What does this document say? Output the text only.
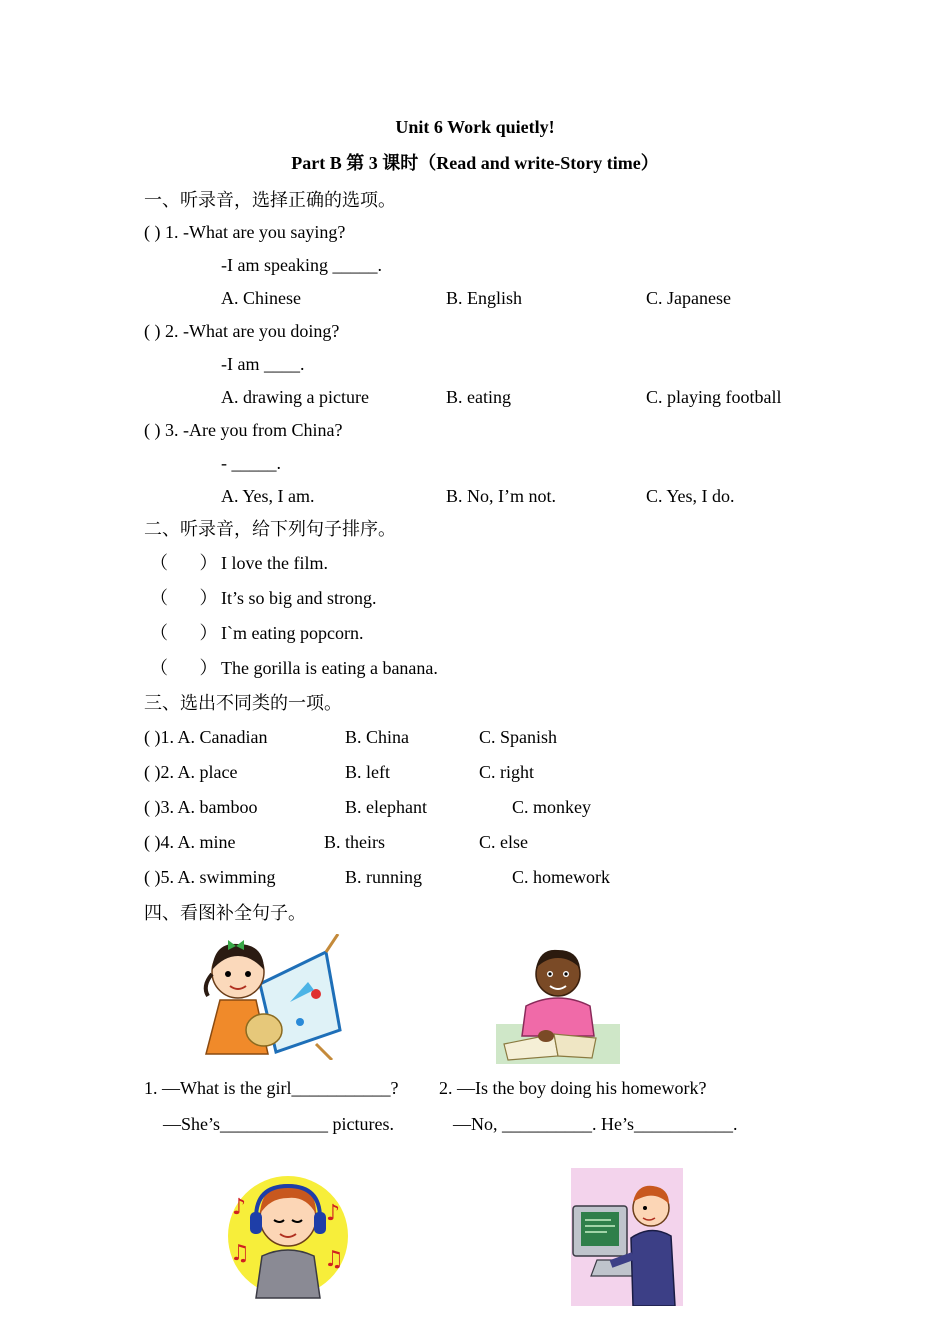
Unit 6 Work quietly!
Part B 第 3 课时（Read and write-Story time）
一、听录音，选择正确的选项。
( ) 1. -What are you saying?
-I am speaking _____.
A. Chinese	B. English	C. Japanese
( ) 2. -What are you doing?
-I am ____.
A. drawing a picture	B. eating	C. playing football
( ) 3. -Are you from China?
- _____.
A. Yes, I am.	B. No, I’m not.	C. Yes, I do.
二、听录音，给下列句子排序。
（       ） I love the film.
（       ） It’s so big and strong.
（       ） I`m eating popcorn.
（       ） The gorilla is eating a banana.
三、选出不同类的一项。
( )1. A. Canadian	B. China	C. Spanish
( )2. A. place	B. left	C. right
( )3. A. bamboo	B. elephant	C. monkey
( )4. A. mine	B. theirs	C. else
( )5. A. swimming	B. running	C. homework
四、看图补全句子。
1. —What is the girl___________?
—She’s____________ pictures.
2. —Is the boy doing his homework?
—No, __________. He’s___________.
♪
♫
♪
♫
